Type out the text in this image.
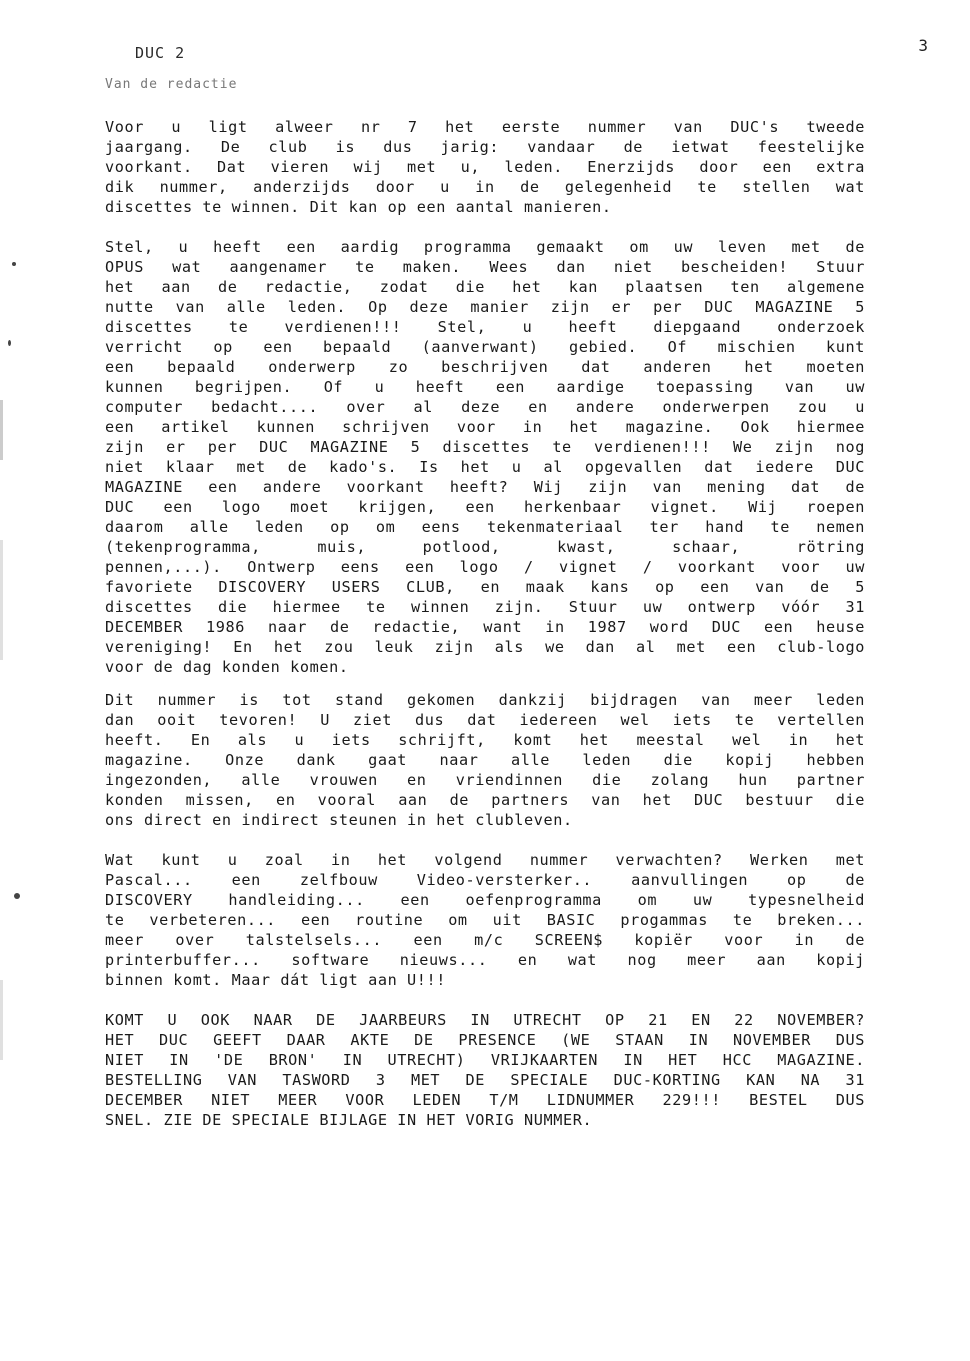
DUC 2
Van de redactie
3
Voor u ligt alweer nr 7 het eerste nummer van DUC's tweede
jaargang. De club is dus jarig: vandaar de ietwat feestelijke
voorkant. Dat vieren wij met u, leden. Enerzijds door een extra
dik nummer, anderzijds door u in de gelegenheid te stellen wat
discettes te winnen. Dit kan op een aantal manieren.
Stel, u heeft een aardig programma gemaakt om uw leven met de
OPUS wat aangenamer te maken. Wees dan niet bescheiden! Stuur
het aan de redactie, zodat die het kan plaatsen ten algemene
nutte van alle leden. Op deze manier zijn er per DUC MAGAZINE 5
discettes te verdienen!!! Stel, u heeft diepgaand onderzoek
verricht op een bepaald (aanverwant) gebied. Of mischien kunt
een bepaald onderwerp zo beschrijven dat anderen het moeten
kunnen begrijpen. Of u heeft een aardige toepassing van uw
computer bedacht.... over al deze en andere onderwerpen zou u
een artikel kunnen schrijven voor in het magazine. Ook hiermee
zijn er per DUC MAGAZINE 5 discettes te verdienen!!! We zijn nog
niet klaar met de kado's. Is het u al opgevallen dat iedere DUC
MAGAZINE een andere voorkant heeft? Wij zijn van mening dat de
DUC een logo moet krijgen, een herkenbaar vignet. Wij roepen
daarom alle leden op om eens tekenmateriaal ter hand te nemen
(tekenprogramma, muis, potlood, kwast, schaar, rötring
pennen,...). Ontwerp eens een logo / vignet / voorkant voor uw
favoriete DISCOVERY USERS CLUB, en maak kans op een van de 5
discettes die hiermee te winnen zijn. Stuur uw ontwerp vóór 31
DECEMBER 1986 naar de redactie, want in 1987 word DUC een heuse
vereniging! En het zou leuk zijn als we dan al met een club-logo
voor de dag konden komen.
Dit nummer is tot stand gekomen dankzij bijdragen van meer leden
dan ooit tevoren! U ziet dus dat iedereen wel iets te vertellen
heeft. En als u iets schrijft, komt het meestal wel in het
magazine. Onze dank gaat naar alle leden die kopij hebben
ingezonden, alle vrouwen en vriendinnen die zolang hun partner
konden missen, en vooral aan de partners van het DUC bestuur die
ons direct en indirect steunen in het clubleven.
Wat kunt u zoal in het volgend nummer verwachten? Werken met
Pascal... een zelfbouw Video-versterker.. aanvullingen op de
DISCOVERY handleiding... een oefenprogramma om uw typesnelheid
te verbeteren... een routine om uit BASIC progammas te breken...
meer over talstelsels... een m/c SCREEN$ kopiër voor in de
printerbuffer... software nieuws... en wat nog meer aan kopij
binnen komt. Maar dát ligt aan U!!!
KOMT U OOK NAAR DE JAARBEURS IN UTRECHT OP 21 EN 22 NOVEMBER?
HET DUC GEEFT DAAR AKTE DE PRESENCE (WE STAAN IN NOVEMBER DUS
NIET IN 'DE BRON' IN UTRECHT) VRIJKAARTEN IN HET HCC MAGAZINE.
BESTELLING VAN TASWORD 3 MET DE SPECIALE DUC-KORTING KAN NA 31
DECEMBER NIET MEER VOOR LEDEN T/M LIDNUMMER 229!!! BESTEL DUS
SNEL. ZIE DE SPECIALE BIJLAGE IN HET VORIG NUMMER.
